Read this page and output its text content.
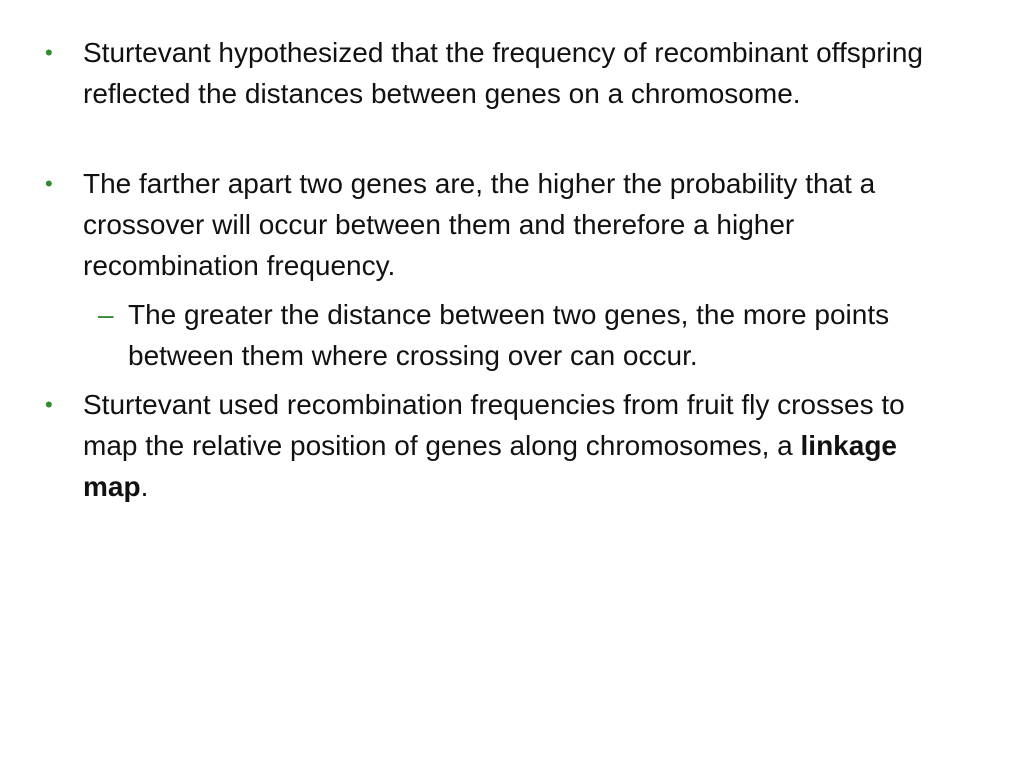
• Sturtevant hypothesized that the frequency of recombinant offspring reflected the distances between genes on a chromosome.
• The farther apart two genes are, the higher the probability that a crossover will occur between them and therefore a higher recombination frequency.
– The greater the distance between two genes, the more points between them where crossing over can occur.
• Sturtevant used recombination frequencies from fruit fly crosses to map the relative position of genes along chromosomes, a linkage map.
